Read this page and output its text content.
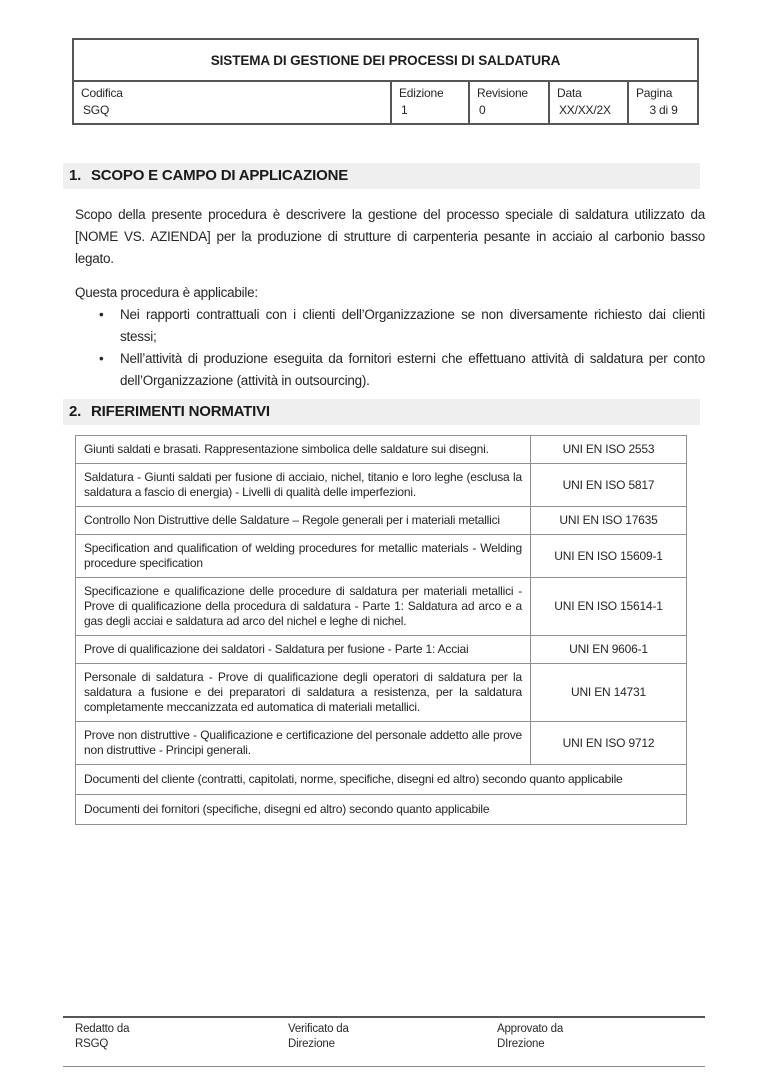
SISTEMA DI GESTIONE DEI PROCESSI DI SALDATURA

Codifica
SGQ

Edizione
1

Revisione
0

Data
XX/XX/2X

Pagina
3 di 9
1. SCOPO E CAMPO DI APPLICAZIONE

Scopo della presente procedura è descrivere la gestione del processo speciale di saldatura utilizzato da [NOME VS. AZIENDA] per la produzione di strutture di carpenteria pesante in acciaio al carbonio basso legato.

Questa procedura è applicabile:

• Nei rapporti contrattuali con i clienti dell’Organizzazione se non diversamente richiesto dai clienti stessi;
• Nell’attività di produzione eseguita da fornitori esterni che effettuano attività di saldatura per conto dell’Organizzazione (attività in outsourcing).
2. RIFERIMENTI NORMATIVI
Giunti saldati e brasati. Rappresentazione simbolica delle saldature sui disegni.	UNI EN ISO 2553
Saldatura - Giunti saldati per fusione di acciaio, nichel, titanio e loro leghe (esclusa la saldatura a fascio di energia) - Livelli di qualità delle imperfezioni.	UNI EN ISO 5817
Controllo Non Distruttive delle Saldature – Regole generali per i materiali metallici	UNI EN ISO 17635
Specification and qualification of welding procedures for metallic materials - Welding procedure specification	UNI EN ISO 15609-1
Specificazione e qualificazione delle procedure di saldatura per materiali metallici - Prove di qualificazione della procedura di saldatura - Parte 1: Saldatura ad arco e a gas degli acciai e saldatura ad arco del nichel e leghe di nichel.	UNI EN ISO 15614-1
Prove di qualificazione dei saldatori - Saldatura per fusione - Parte 1: Acciai	UNI EN 9606-1
Personale di saldatura - Prove di qualificazione degli operatori di saldatura per la saldatura a fusione e dei preparatori di saldatura a resistenza, per la saldatura completamente meccanizzata ed automatica di materiali metallici.	UNI EN 14731
Prove non distruttive - Qualificazione e certificazione del personale addetto alle prove non distruttive - Principi generali.	UNI EN ISO 9712
Documenti del cliente (contratti, capitolati, norme, specifiche, disegni ed altro) secondo quanto applicabile	
Documenti dei fornitori (specifiche, disegni ed altro) secondo quanto applicabile	
Redatto da
RSGQ
Verificato da
Direzione
Approvato da
DIrezione
